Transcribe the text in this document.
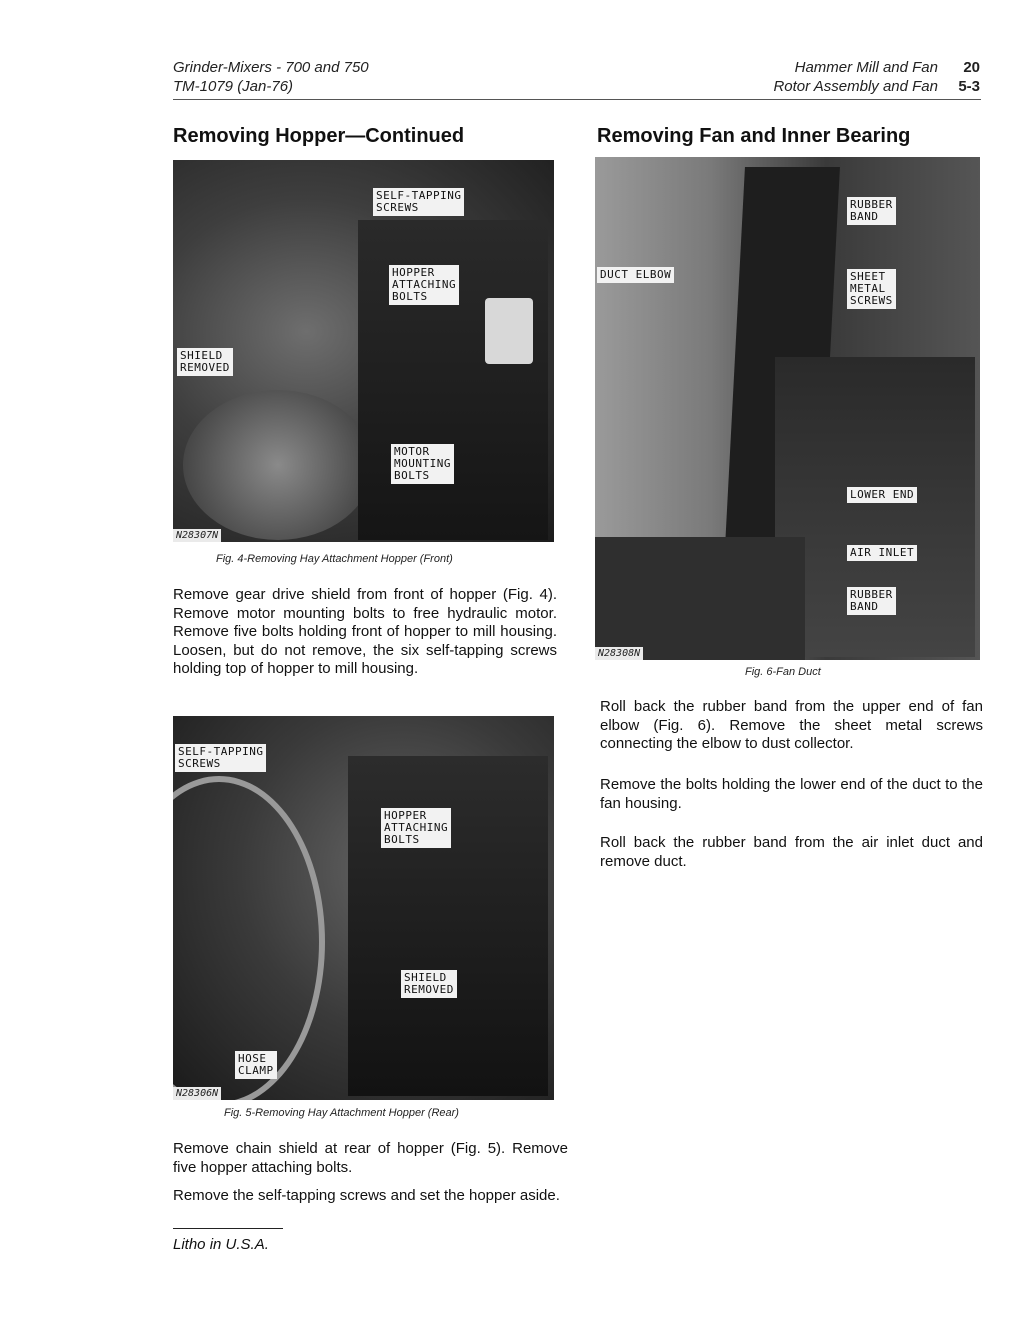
Grinder-Mixers - 700 and 750
TM-1079 (Jan-76)
Hammer Mill and Fan	20
Rotor Assembly and Fan	5-3
Removing Hopper—Continued
SELF-TAPPING
SCREWS
HOPPER
ATTACHING
BOLTS
SHIELD
REMOVED
MOTOR
MOUNTING
BOLTS
N28307N
Fig. 4-Removing Hay Attachment Hopper (Front)

Remove gear drive shield from front of hopper (Fig. 4). Remove motor mounting bolts to free hydraulic motor. Remove five bolts holding front of hopper to mill housing. Loosen, but do not remove, the six self-tapping screws holding top of hopper to mill housing.

SELF-TAPPING
SCREWS
HOPPER
ATTACHING
BOLTS
SHIELD
REMOVED
HOSE
CLAMP
N28306N
Fig. 5-Removing Hay Attachment Hopper (Rear)

Remove chain shield at rear of hopper (Fig. 5). Remove five hopper attaching bolts.

Remove the self-tapping screws and set the hopper aside.

Litho in U.S.A.
Removing Fan and Inner Bearing
RUBBER
BAND
DUCT ELBOW	SHEET
METAL
SCREWS
LOWER END
AIR INLET
RUBBER
BAND
N28308N
Fig. 6-Fan Duct

Roll back the rubber band from the upper end of fan elbow (Fig. 6). Remove the sheet metal screws connecting the elbow to dust collector.

Remove the bolts holding the lower end of the duct to the fan housing.

Roll back the rubber band from the air inlet duct and remove duct.
